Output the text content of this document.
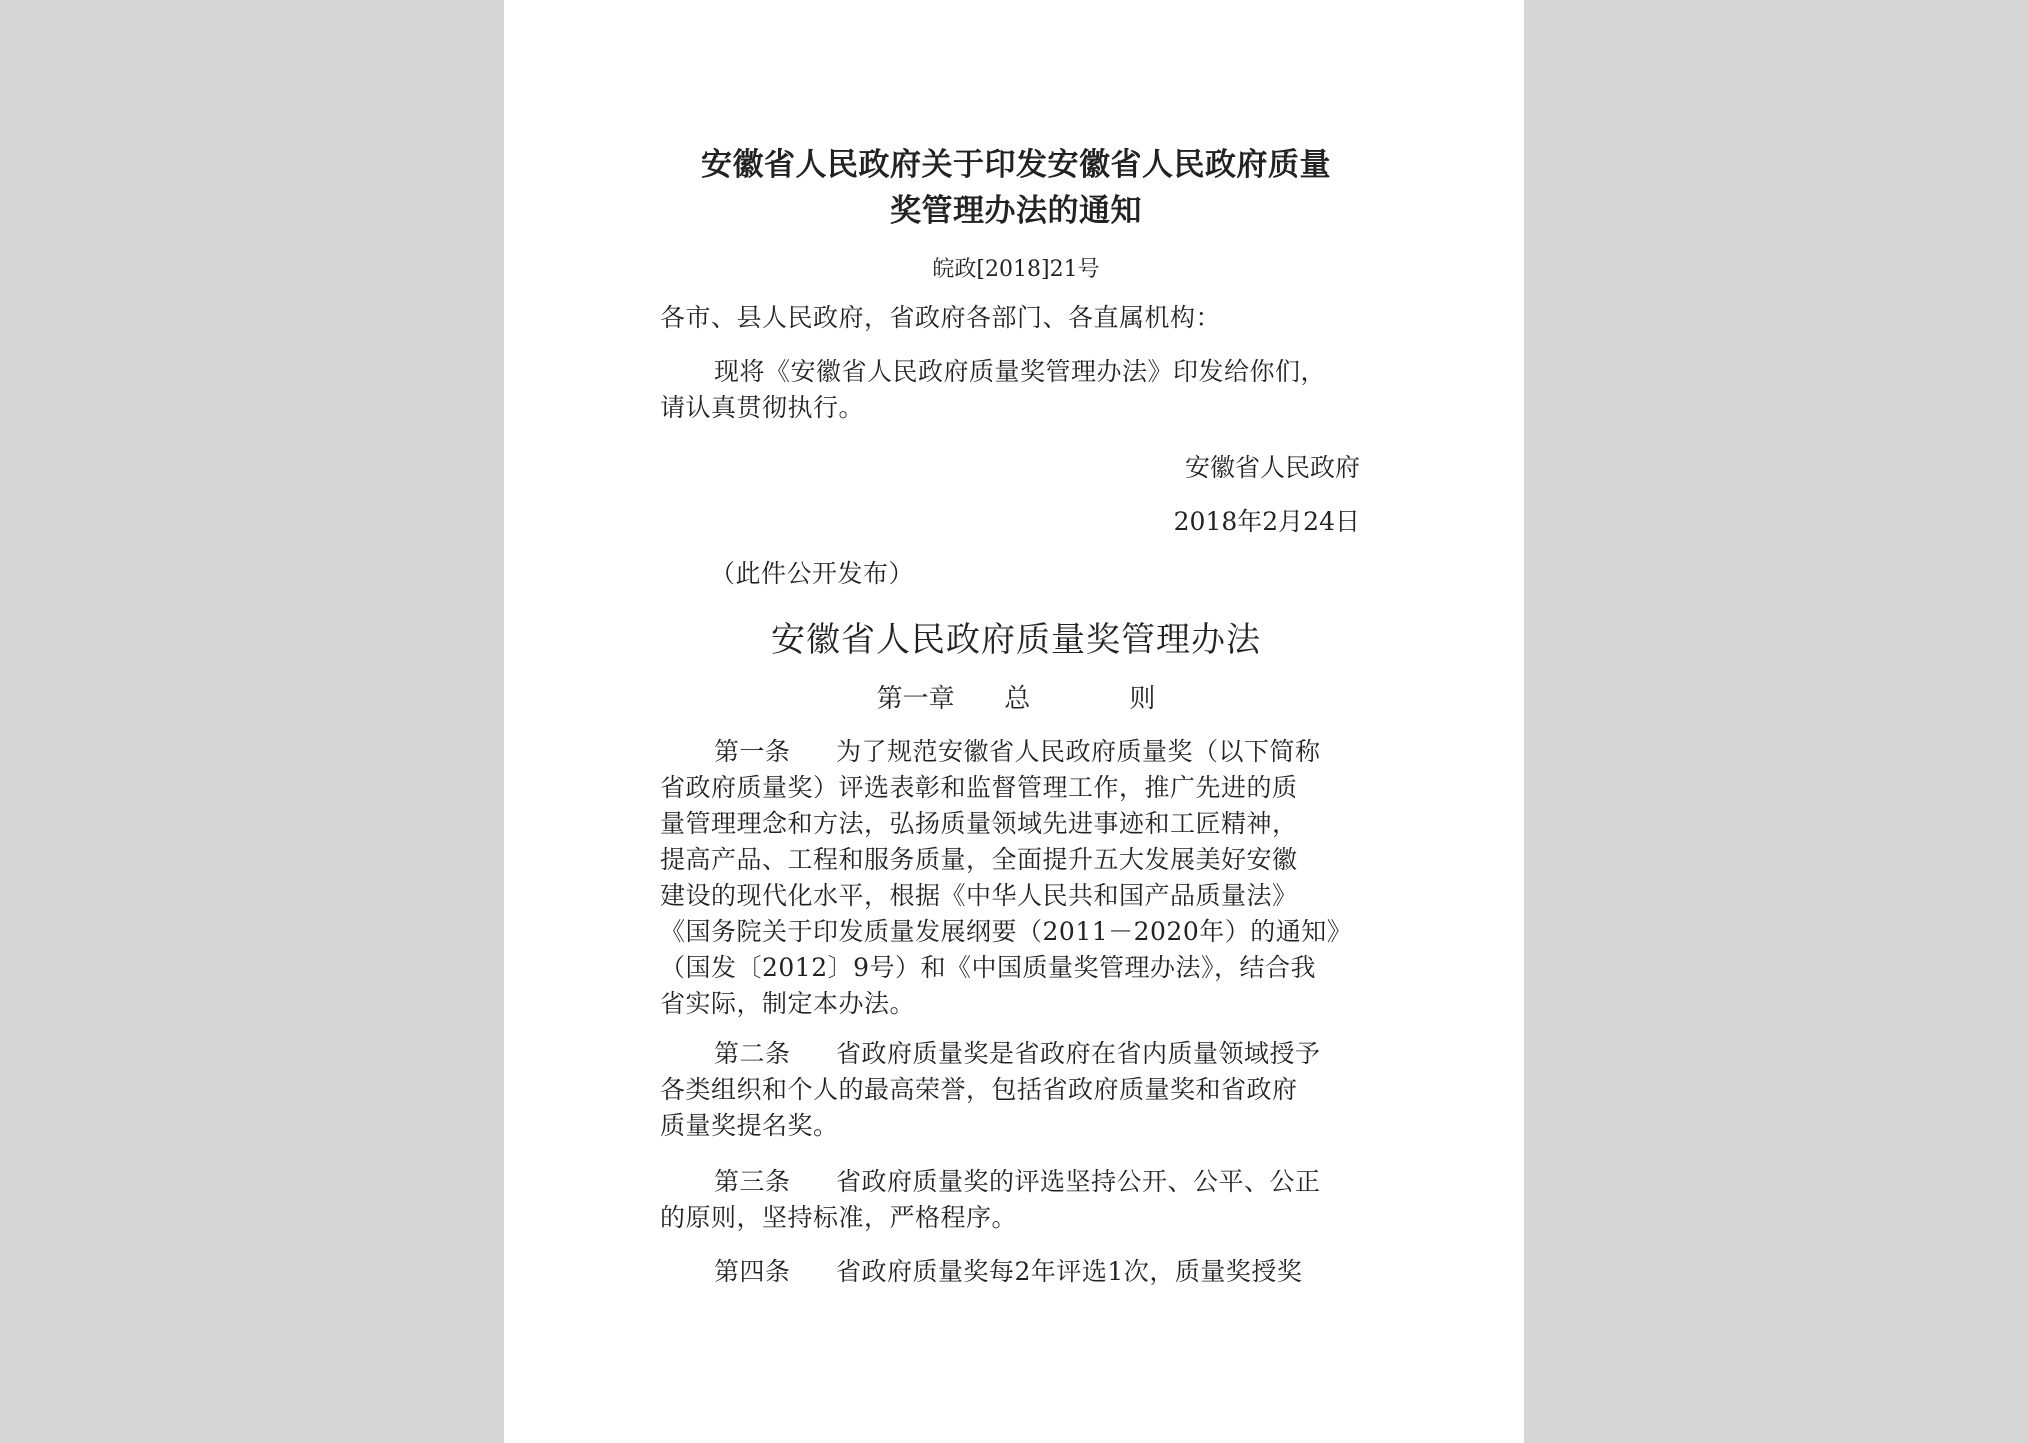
安徽省人民政府关于印发安徽省人民政府质量
奖管理办法的通知
皖政[2018]21号
各市、县人民政府，省政府各部门、各直属机构：
现将《安徽省人民政府质量奖管理办法》印发给你们，
请认真贯彻执行。
安徽省人民政府
2018年2月24日
（此件公开发布）
安徽省人民政府质量奖管理办法
第一章      总            则
第一条 为了规范安徽省人民政府质量奖（以下简称
省政府质量奖）评选表彰和监督管理工作，推广先进的质
量管理理念和方法，弘扬质量领域先进事迹和工匠精神，
提高产品、工程和服务质量，全面提升五大发展美好安徽
建设的现代化水平，根据《中华人民共和国产品质量法》
《国务院关于印发质量发展纲要（2011－2020年）的通知》
（国发〔2012〕9号）和《中国质量奖管理办法》，结合我
省实际，制定本办法。
第二条 省政府质量奖是省政府在省内质量领域授予
各类组织和个人的最高荣誉，包括省政府质量奖和省政府
质量奖提名奖。
第三条 省政府质量奖的评选坚持公开、公平、公正
的原则，坚持标准，严格程序。
第四条 省政府质量奖每2年评选1次，质量奖授奖
